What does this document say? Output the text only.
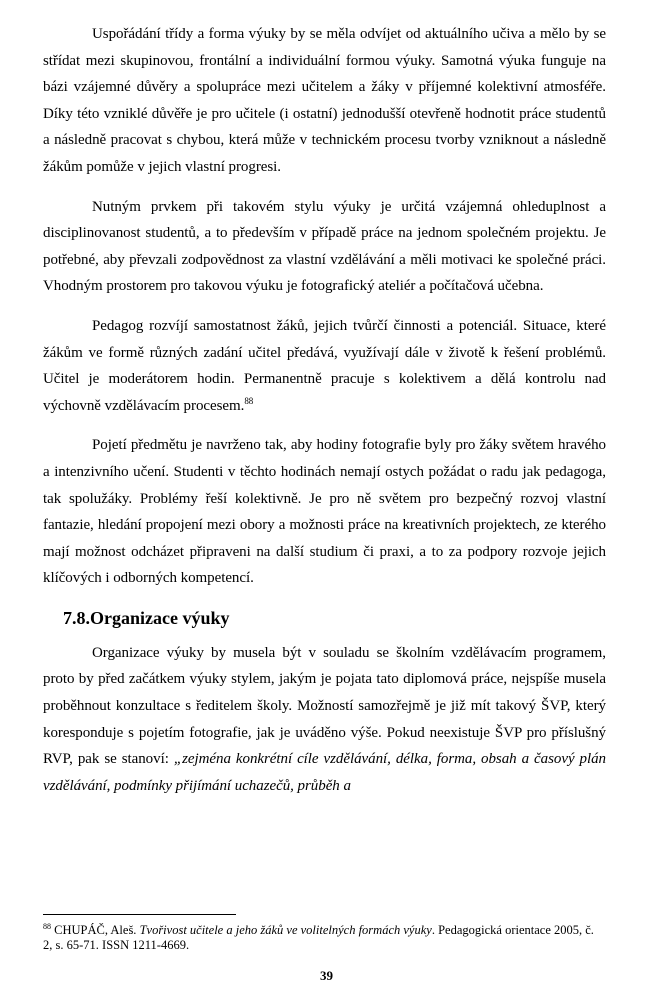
Uspořádání třídy a forma výuky by se měla odvíjet od aktuálního učiva a mělo by se střídat mezi skupinovou, frontální a individuální formou výuky. Samotná výuka funguje na bázi vzájemné důvěry a spolupráce mezi učitelem a žáky v příjemné kolektivní atmosféře. Díky této vzniklé důvěře je pro učitele (i ostatní) jednodušší otevřeně hodnotit práce studentů a následně pracovat s chybou, která může v technickém procesu tvorby vzniknout a následně žákům pomůže v jejich vlastní progresi.

Nutným prvkem při takovém stylu výuky je určitá vzájemná ohleduplnost a disciplinovanost studentů, a to především v případě práce na jednom společném projektu. Je potřebné, aby převzali zodpovědnost za vlastní vzdělávání a měli motivaci ke společné práci. Vhodným prostorem pro takovou výuku je fotografický ateliér a počítačová učebna.

Pedagog rozvíjí samostatnost žáků, jejich tvůrčí činnosti a potenciál. Situace, které žákům ve formě různých zadání učitel předává, využívají dále v životě k řešení problémů. Učitel je moderátorem hodin. Permanentně pracuje s kolektivem a dělá kontrolu nad výchovně vzdělávacím procesem.$^{88}$

Pojetí předmětu je navrženo tak, aby hodiny fotografie byly pro žáky světem hravého a intenzivního učení. Studenti v těchto hodinách nemají ostych požádat o radu jak pedagoga, tak spolužáky. Problémy řeší kolektivně. Je pro ně světem pro bezpečný rozvoj vlastní fantazie, hledání propojení mezi obory a možnosti práce na kreativních projektech, ze kterého mají možnost odcházet připraveni na další studium či praxi, a to za podpory rozvoje jejich klíčových i odborných kompetencí.

7.8.Organizace výuky

Organizace výuky by musela být v souladu se školním vzdělávacím programem, proto by před začátkem výuky stylem, jakým je pojata tato diplomová práce, nejspíše musela proběhnout konzultace s ředitelem školy. Možností samozřejmě je již mít takový ŠVP, který koresponduje s pojetím fotografie, jak je uváděno výše. Pokud neexistuje ŠVP pro příslušný RVP, pak se stanoví: „zejména konkrétní cíle vzdělávání, délka, forma, obsah a časový plán vzdělávání, podmínky přijímání uchazečů, průběh a

$^{88}$ CHUPÁČ, Aleš. Tvořivost učitele a jeho žáků ve volitelných formách výuky. Pedagogická orientace 2005, č. 2, s. 65-71. ISSN 1211-4669.
39
